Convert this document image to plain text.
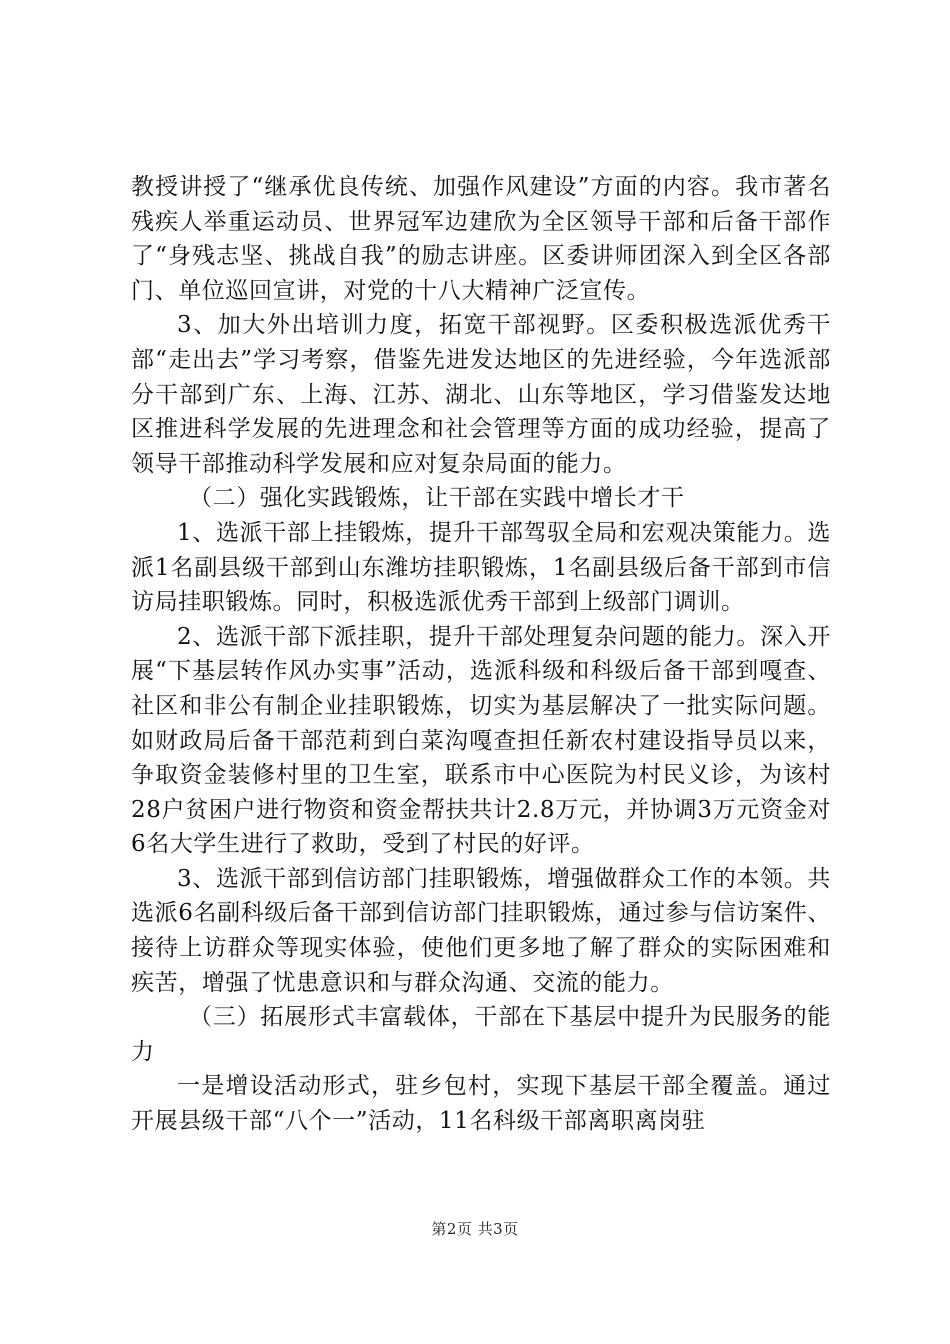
教授讲授了“继承优良传统、加强作风建设”方面的内容。我市著名残疾人举重运动员、世界冠军边建欣为全区领导干部和后备干部作了“身残志坚、挑战自我”的励志讲座。区委讲师团深入到全区各部门、单位巡回宣讲，对党的十八大精神广泛宣传。

3、加大外出培训力度，拓宽干部视野。区委积极选派优秀干部“走出去”学习考察，借鉴先进发达地区的先进经验，今年选派部分干部到广东、上海、江苏、湖北、山东等地区，学习借鉴发达地区推进科学发展的先进理念和社会管理等方面的成功经验，提高了领导干部推动科学发展和应对复杂局面的能力。

（二）强化实践锻炼，让干部在实践中增长才干

1、选派干部上挂锻炼，提升干部驾驭全局和宏观决策能力。选派1名副县级干部到山东潍坊挂职锻炼，1名副县级后备干部到市信访局挂职锻炼。同时，积极选派优秀干部到上级部门调训。

2、选派干部下派挂职，提升干部处理复杂问题的能力。深入开展“下基层转作风办实事”活动，选派科级和科级后备干部到嘎查、社区和非公有制企业挂职锻炼，切实为基层解决了一批实际问题。如财政局后备干部范莉到白菜沟嘎查担任新农村建设指导员以来，争取资金装修村里的卫生室，联系市中心医院为村民义诊，为该村28户贫困户进行物资和资金帮扶共计2.8万元，并协调3万元资金对6名大学生进行了救助，受到了村民的好评。

3、选派干部到信访部门挂职锻炼，增强做群众工作的本领。共选派6名副科级后备干部到信访部门挂职锻炼，通过参与信访案件、接待上访群众等现实体验，使他们更多地了解了群众的实际困难和疾苦，增强了忧患意识和与群众沟通、交流的能力。

（三）拓展形式丰富载体，干部在下基层中提升为民服务的能力

一是增设活动形式，驻乡包村，实现下基层干部全覆盖。通过开展县级干部“八个一”活动，11名科级干部离职离岗驻

第2页 共3页
